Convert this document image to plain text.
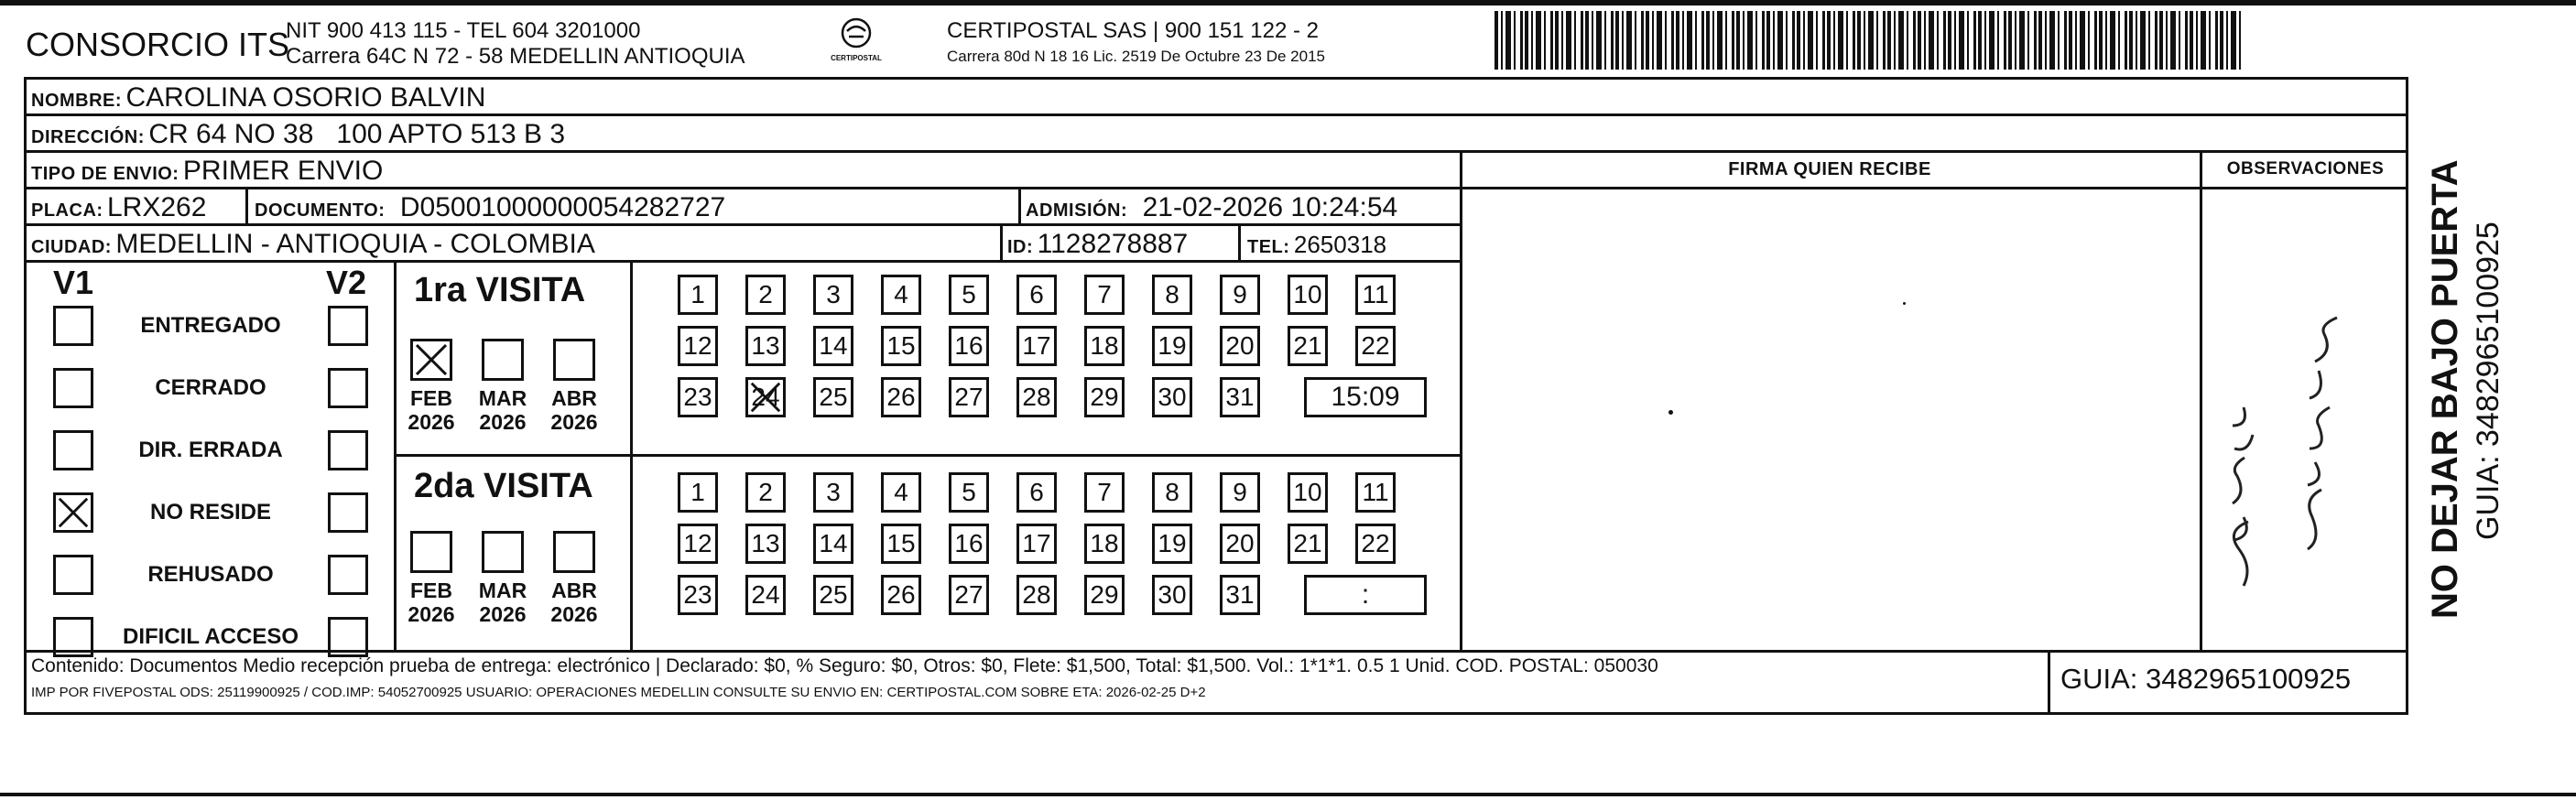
CONSORCIO ITS
NIT 900 413 115 - TEL 604 3201000
Carrera 64C N 72 - 58 MEDELLIN ANTIOQUIA	CERTIPOSTAL
CERTIPOSTAL SAS | 900 151 122 - 2
Carrera 80d N 18 16 Lic. 2519 De Octubre 23 De 2015
NOMBRE: CAROLINA OSORIO BALVIN
DIRECCIÓN: CR 64 NO 38   100 APTO 513 B 3
TIPO DE ENVIO: PRIMER ENVIO	FIRMA QUIEN RECIBE	OBSERVACIONES
PLACA: LRX262	DOCUMENTO: D05001000000054282727	ADMISIÓN: 21-02-2026 10:24:54
CIUDAD: MEDELLIN - ANTIOQUIA - COLOMBIA	ID: 1128278887	TEL: 2650318
V1	V2
ENTREGADO
CERRADO
DIR. ERRADA
NO RESIDE
REHUSADO
DIFICIL ACCESO
1ra VISITA
2da VISITA
FEB
2026
MAR
2026
ABR
2026
FEB
2026
MAR
2026
ABR
2026
1	2	3	4	5	6	7	8	9	10 11
12 13 14 15 16 17 18 19 20 21 22
23 24 25 26 27 28 29 30 31	15:09
1	2	3	4	5	6	7	8	9	10 11
12 13 14 15 16 17 18 19 20 21 22
23 24 25 26 27 28 29 30 31	:
no reside
Contenido: Documentos Medio recepción prueba de entrega: electrónico | Declarado: $0, % Seguro: $0, Otros: $0, Flete: $1,500, Total: $1,500. Vol.: 1*1*1. 0.5 1 Unid. COD. POSTAL: 050030
IMP POR FIVEPOSTAL ODS: 25119900925 / COD.IMP: 54052700925 USUARIO: OPERACIONES MEDELLIN CONSULTE SU ENVIO EN: CERTIPOSTAL.COM SOBRE ETA: 2026-02-25 D+2	GUIA: 3482965100925
NO DEJAR BAJO PUERTA GUIA: 3482965100925
